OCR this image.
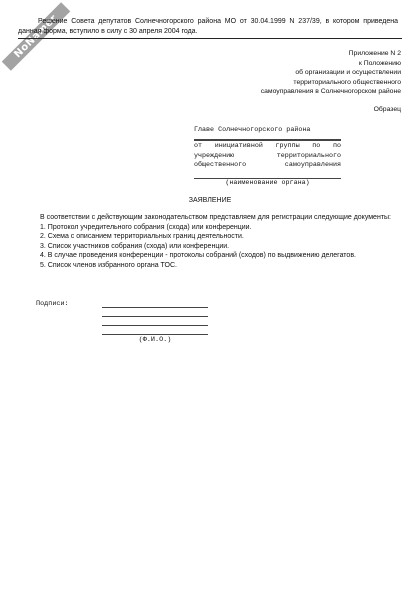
NoNamer
Решение Совета депутатов Солнечногорского района МО от 30.04.1999 N 237/39, в котором приведена данная форма, вступило в силу с 30 апреля 2004 года.
Приложение N 2
к Положению
об организации и осуществлении
территориального общественного
самоуправления в Солнечногорском районе
Образец
Главе Солнечногорского района
от инициативной группы по по учреждению территориального общественного самоуправления
(наименование органа)
ЗАЯВЛЕНИЕ

В соответствии с действующим законодательством представляем для регистрации следующие документы:

1. Протокол учредительного собрания (схода) или конференции.

2. Схема с описанием территориальных границ деятельности.

3. Список участников собрания (схода) или конференции.

4. В случае проведения конференции - протоколы собраний (сходов) по выдвижению делегатов.

5. Список членов избранного органа ТОС.

Подписи:
(Ф.И.О.)
